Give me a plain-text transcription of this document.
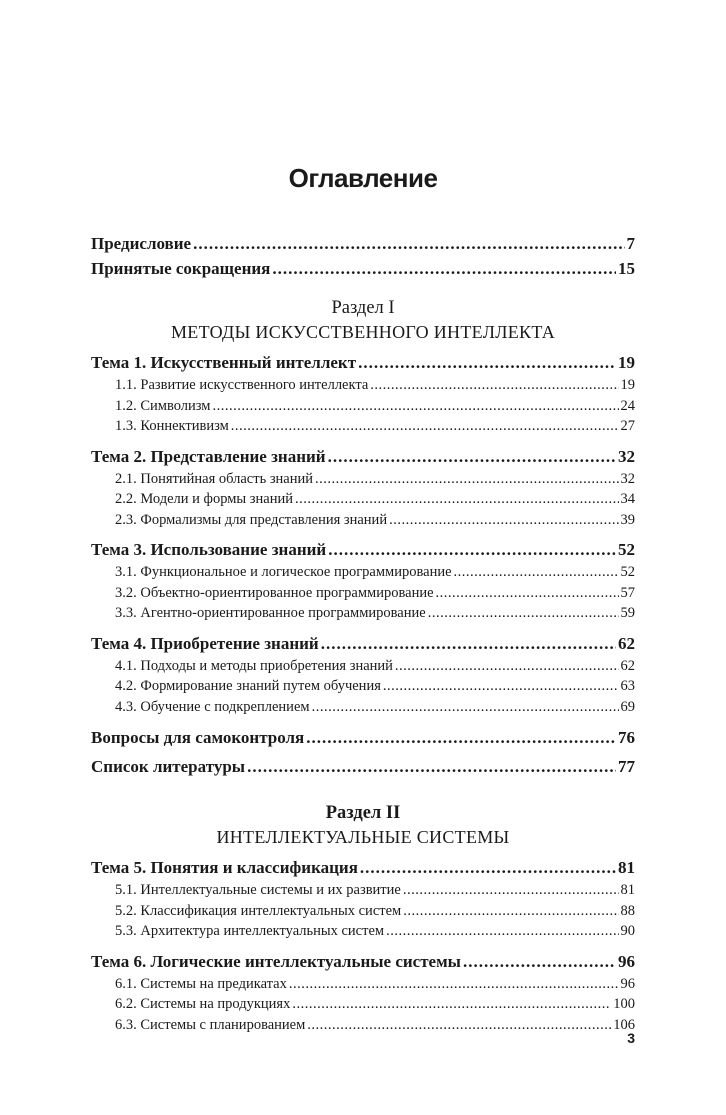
Оглавление
Предисловие .....	7
Принятые сокращения .....	15
Раздел I
МЕТОДЫ ИСКУССТВЕННОГО ИНТЕЛЛЕКТА
Тема 1. Искусственный интеллект .....	19
1.1. Развитие искусственного интеллекта .....	19
1.2. Символизм .....	24
1.3. Коннективизм .....	27
Тема 2. Представление знаний .....	32
2.1. Понятийная область знаний .....	32
2.2. Модели и формы знаний .....	34
2.3. Формализмы для представления знаний .....	39
Тема 3. Использование знаний .....	52
3.1. Функциональное и логическое программирование .....	52
3.2. Объектно-ориентированное программирование .....	57
3.3. Агентно-ориентированное программирование .....	59
Тема 4. Приобретение знаний .....	62
4.1. Подходы и методы приобретения знаний .....	62
4.2. Формирование знаний путем обучения .....	63
4.3. Обучение с подкреплением .....	69
Вопросы для самоконтроля .....	76
Список литературы .....	77
Раздел II
ИНТЕЛЛЕКТУАЛЬНЫЕ СИСТЕМЫ
Тема 5. Понятия и классификация .....	81
5.1. Интеллектуальные системы и их развитие .....	81
5.2. Классификация интеллектуальных систем .....	88
5.3. Архитектура интеллектуальных систем .....	90
Тема 6. Логические интеллектуальные системы .....	96
6.1. Системы на предикатах .....	96
6.2. Системы на продукциях .....	100
6.3. Системы с планированием .....	106
3
